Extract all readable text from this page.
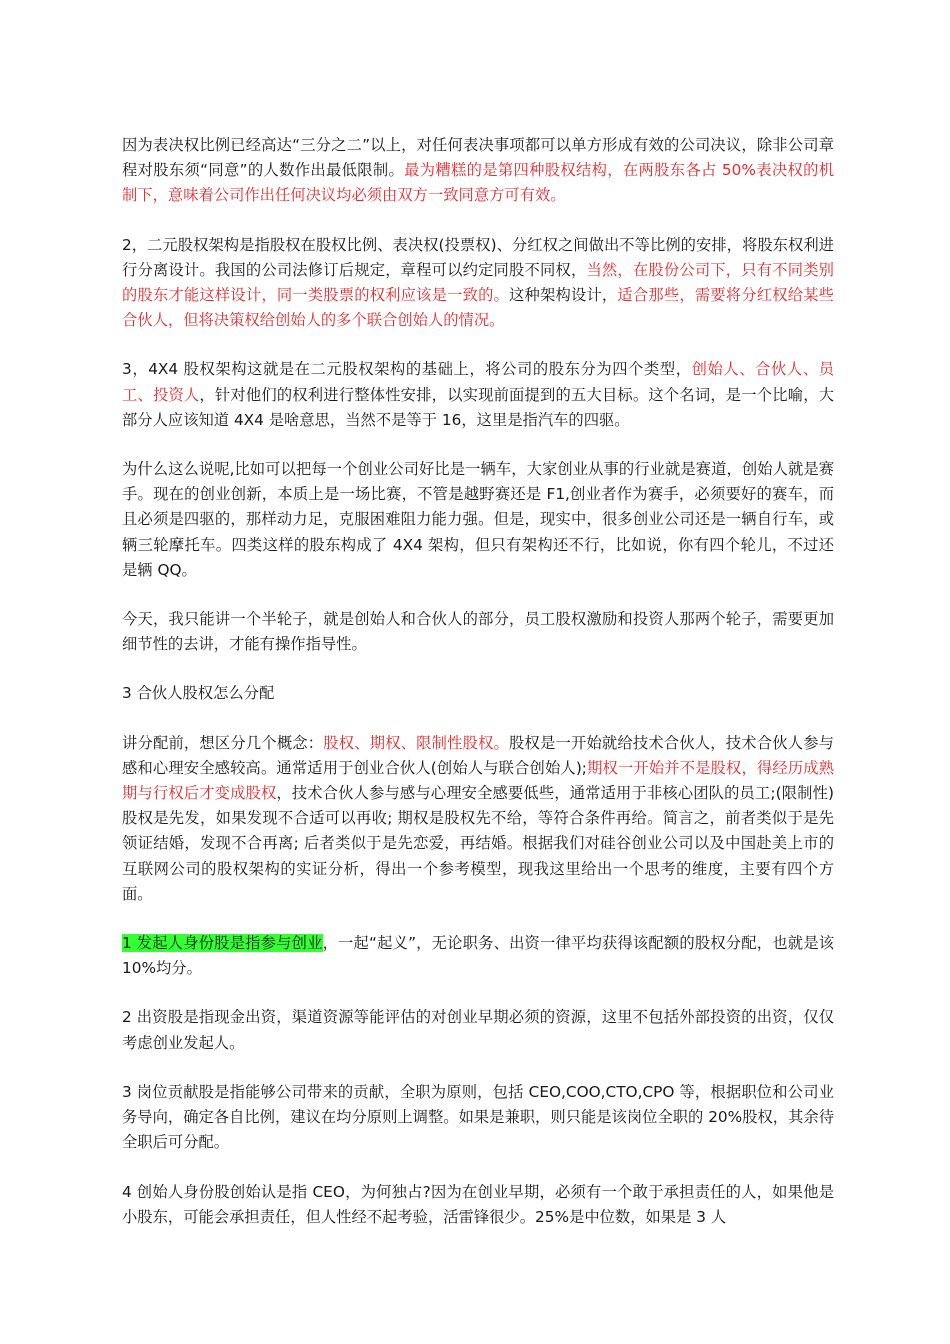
因为表决权比例已经高达“三分之二”以上，对任何表决事项都可以单方形成有效的公司决议，除非公司章程对股东须“同意”的人数作出最低限制。最为糟糕的是第四种股权结构，在两股东各占 50%表决权的机制下，意味着公司作出任何决议均必须由双方一致同意方可有效。

2，二元股权架构是指股权在股权比例、表决权(投票权)、分红权之间做出不等比例的安排，将股东权利进行分离设计。我国的公司法修订后规定，章程可以约定同股不同权，当然，在股份公司下，只有不同类别的股东才能这样设计，同一类股票的权利应该是一致的。这种架构设计，适合那些，需要将分红权给某些合伙人，但将决策权给创始人的多个联合创始人的情况。

3，4X4 股权架构这就是在二元股权架构的基础上，将公司的股东分为四个类型，创始人、合伙人、员工、投资人，针对他们的权利进行整体性安排，以实现前面提到的五大目标。这个名词，是一个比喻，大部分人应该知道 4X4 是啥意思，当然不是等于 16，这里是指汽车的四驱。

为什么这么说呢,比如可以把每一个创业公司好比是一辆车，大家创业从事的行业就是赛道，创始人就是赛手。现在的创业创新，本质上是一场比赛，不管是越野赛还是 F1,创业者作为赛手，必须要好的赛车，而且必须是四驱的，那样动力足，克服困难阻力能力强。但是，现实中，很多创业公司还是一辆自行车，或辆三轮摩托车。四类这样的股东构成了 4X4 架构，但只有架构还不行，比如说，你有四个轮儿，不过还是辆 QQ。

今天，我只能讲一个半轮子，就是创始人和合伙人的部分，员工股权激励和投资人那两个轮子，需要更加细节性的去讲，才能有操作指导性。

3 合伙人股权怎么分配

讲分配前，想区分几个概念：股权、期权、限制性股权。股权是一开始就给技术合伙人，技术合伙人参与感和心理安全感较高。通常适用于创业合伙人(创始人与联合创始人);期权一开始并不是股权，得经历成熟期与行权后才变成股权，技术合伙人参与感与心理安全感要低些，通常适用于非核心团队的员工;(限制性)股权是先发，如果发现不合适可以再收; 期权是股权先不给，等符合条件再给。简言之，前者类似于是先领证结婚，发现不合再离; 后者类似于是先恋爱，再结婚。根据我们对硅谷创业公司以及中国赴美上市的互联网公司的股权架构的实证分析，得出一个参考模型，现我这里给出一个思考的维度，主要有四个方面。

1 发起人身份股是指参与创业，一起“起义”，无论职务、出资一律平均获得该配额的股权分配，也就是该 10%均分。

2 出资股是指现金出资，渠道资源等能评估的对创业早期必须的资源，这里不包括外部投资的出资，仅仅考虑创业发起人。

3 岗位贡献股是指能够公司带来的贡献，全职为原则，包括 CEO,COO,CTO,CPO 等，根据职位和公司业务导向，确定各自比例，建议在均分原则上调整。如果是兼职，则只能是该岗位全职的 20%股权，其余待全职后可分配。

4 创始人身份股创始认是指 CEO，为何独占?因为在创业早期，必须有一个敢于承担责任的人，如果他是小股东，可能会承担责任，但人性经不起考验，活雷锋很少。25%是中位数，如果是 3 人
